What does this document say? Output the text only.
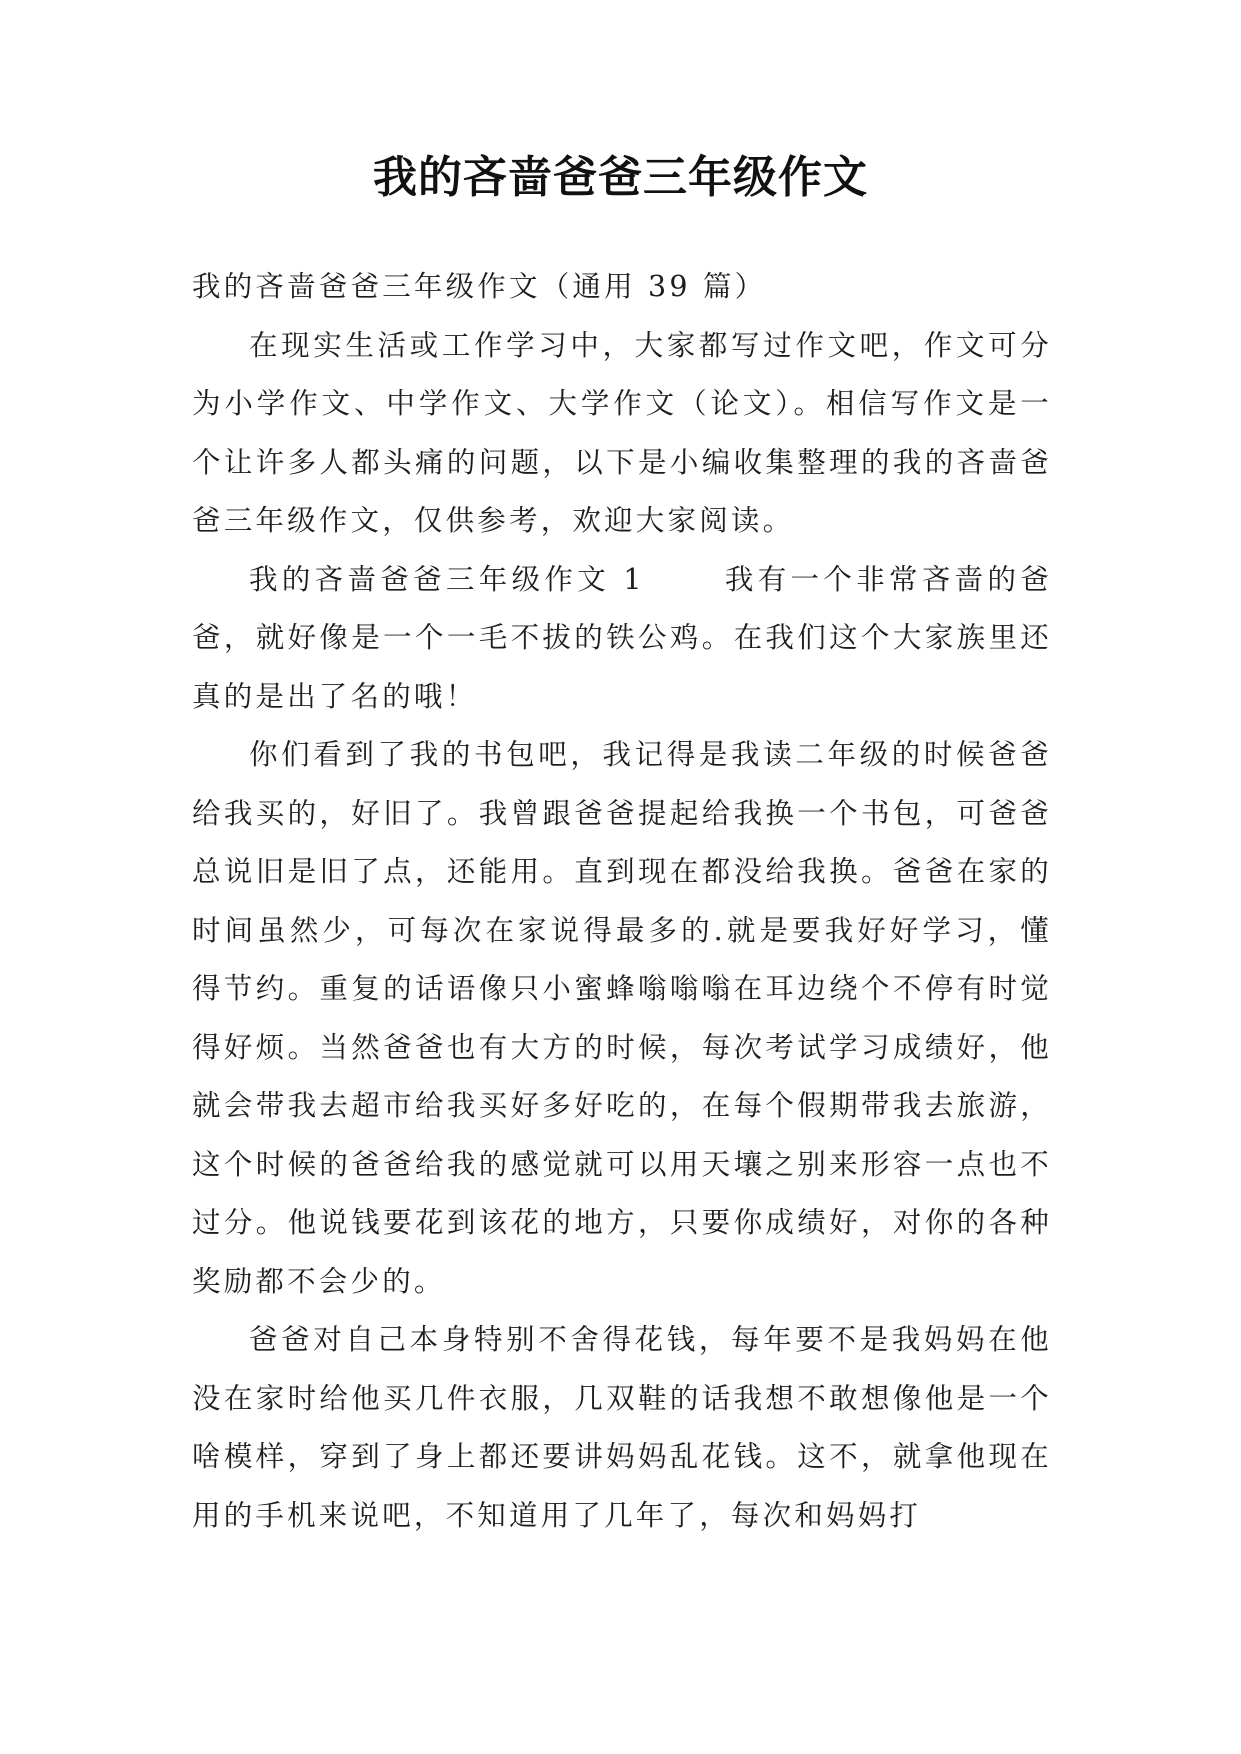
我的吝啬爸爸三年级作文

我的吝啬爸爸三年级作文（通用 39 篇）

在现实生活或工作学习中，大家都写过作文吧，作文可分为小学作文、中学作文、大学作文（论文）。相信写作文是一个让许多人都头痛的问题，以下是小编收集整理的我的吝啬爸爸三年级作文，仅供参考，欢迎大家阅读。

我的吝啬爸爸三年级作文 1　　 我有一个非常吝啬的爸爸，就好像是一个一毛不拔的铁公鸡。在我们这个大家族里还真的是出了名的哦！

你们看到了我的书包吧，我记得是我读二年级的时候爸爸给我买的，好旧了。我曾跟爸爸提起给我换一个书包，可爸爸总说旧是旧了点，还能用。直到现在都没给我换。爸爸在家的时间虽然少，可每次在家说得最多的.就是要我好好学习，懂得节约。重复的话语像只小蜜蜂嗡嗡嗡在耳边绕个不停有时觉得好烦。当然爸爸也有大方的时候，每次考试学习成绩好，他就会带我去超市给我买好多好吃的，在每个假期带我去旅游，这个时候的爸爸给我的感觉就可以用天壤之别来形容一点也不过分。他说钱要花到该花的地方，只要你成绩好，对你的各种奖励都不会少的。

爸爸对自己本身特别不舍得花钱，每年要不是我妈妈在他没在家时给他买几件衣服，几双鞋的话我想不敢想像他是一个啥模样，穿到了身上都还要讲妈妈乱花钱。这不，就拿他现在用的手机来说吧，不知道用了几年了，每次和妈妈打
